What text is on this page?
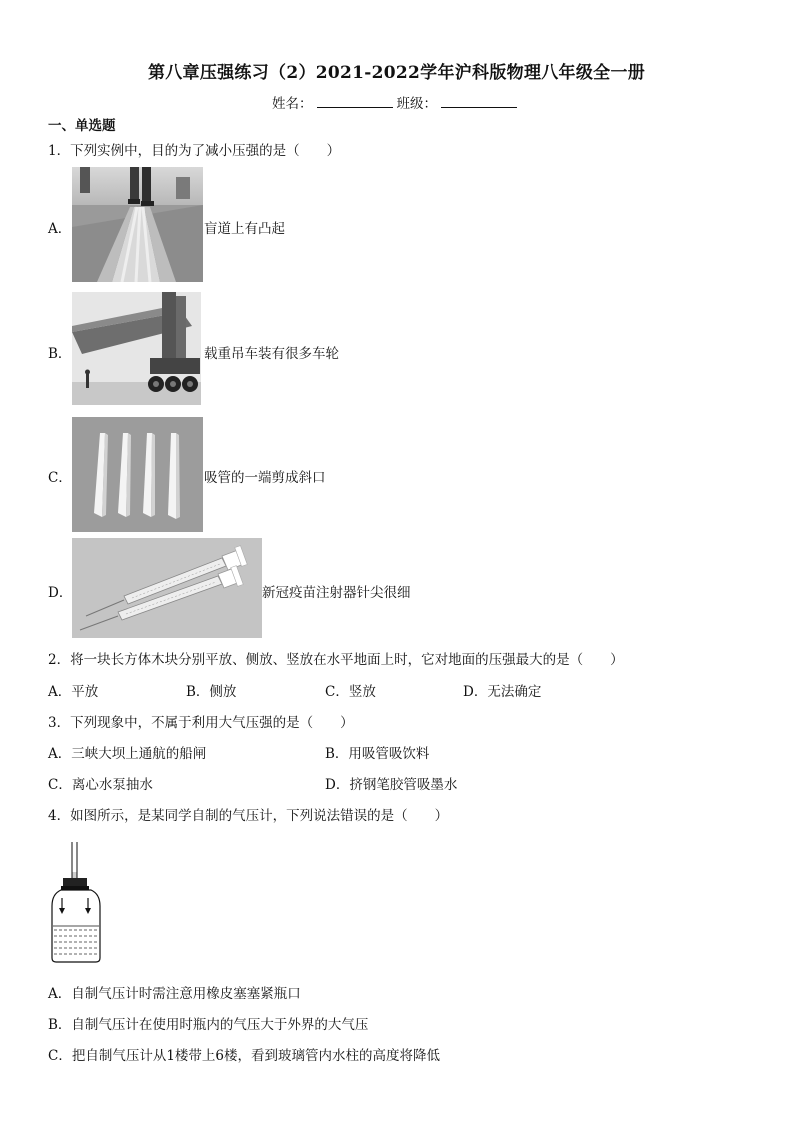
第八章压强练习（2）2021-2022学年沪科版物理八年级全一册
姓名：	班级：
一、单选题
1．下列实例中，目的为了减小压强的是（　　）
A．	盲道上有凸起
B．	载重吊车装有很多车轮
C．	吸管的一端剪成斜口
D．	新冠疫苗注射器针尖很细
2．将一块长方体木块分别平放、侧放、竖放在水平地面上时，它对地面的压强最大的是（　　）
A．平放	B．侧放	C．竖放	D．无法确定
3．下列现象中，不属于利用大气压强的是（　　）
A．三峡大坝上通航的船闸	B．用吸管吸饮料
C．离心水泵抽水	D．挤钢笔胶管吸墨水
4．如图所示，是某同学自制的气压计，下列说法错误的是（　　）
A．自制气压计时需注意用橡皮塞塞紧瓶口
B．自制气压计在使用时瓶内的气压大于外界的大气压
C．把自制气压计从1楼带上6楼，看到玻璃管内水柱的高度将降低
